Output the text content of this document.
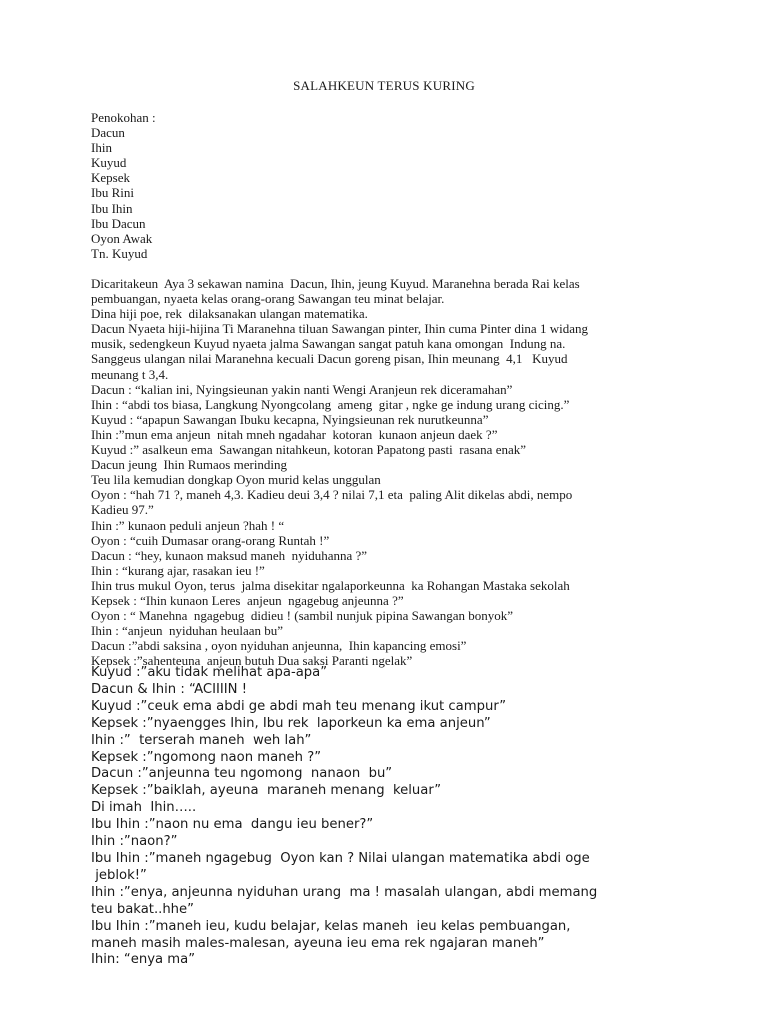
SALAHKEUN TERUS KURING
Penokohan :
Dacun
Ihin
Kuyud
Kepsek
Ibu Rini
Ibu Ihin
Ibu Dacun
Oyon Awak
Tn. Kuyud
Dicaritakeun  Aya 3 sekawan namina  Dacun, Ihin, jeung Kuyud. Maranehna berada Rai kelas
pembuangan, nyaeta kelas orang-orang Sawangan teu minat belajar.
Dina hiji poe, rek  dilaksanakan ulangan matematika.
Dacun Nyaeta hiji-hijina Ti Maranehna tiluan Sawangan pinter, Ihin cuma Pinter dina 1 widang
musik, sedengkeun Kuyud nyaeta jalma Sawangan sangat patuh kana omongan  Indung na.
Sanggeus ulangan nilai Maranehna kecuali Dacun goreng pisan, Ihin meunang  4,1   Kuyud
meunang t 3,4.
Dacun : “kalian ini, Nyingsieunan yakin nanti Wengi Aranjeun rek diceramahan”
Ihin : “abdi tos biasa, Langkung Nyongcolang  ameng  gitar , ngke ge indung urang cicing.”
Kuyud : “apapun Sawangan Ibuku kecapna, Nyingsieunan rek nurutkeunna”
Ihin :”mun ema anjeun  nitah mneh ngadahar  kotoran  kunaon anjeun daek ?”
Kuyud :” asalkeun ema  Sawangan nitahkeun, kotoran Papatong pasti  rasana enak”
Dacun jeung  Ihin Rumaos merinding
Teu lila kemudian dongkap Oyon murid kelas unggulan
Oyon : “hah 71 ?, maneh 4,3. Kadieu deui 3,4 ? nilai 7,1 eta  paling Alit dikelas abdi, nempo
Kadieu 97.”
Ihin :” kunaon peduli anjeun ?hah ! “
Oyon : “cuih Dumasar orang-orang Runtah !”
Dacun : “hey, kunaon maksud maneh  nyiduhanna ?”
Ihin : “kurang ajar, rasakan ieu !”
Ihin trus mukul Oyon, terus  jalma disekitar ngalaporkeunna  ka Rohangan Mastaka sekolah
Kepsek : “Ihin kunaon Leres  anjeun  ngagebug anjeunna ?”
Oyon : “ Manehna  ngagebug  didieu ! (sambil nunjuk pipina Sawangan bonyok”
Ihin : “anjeun  nyiduhan heulaan bu”
Dacun :”abdi saksina , oyon nyiduhan anjeunna,  Ihin kapancing emosi”
Kepsek :”sahenteuna  anjeun butuh Dua saksi Paranti ngelak”
Kuyud :”aku tidak melihat apa-apa”
Dacun & Ihin : “ACIIIIN !
Kuyud :”ceuk ema abdi ge abdi mah teu menang ikut campur”
Kepsek :”nyaengges Ihin, Ibu rek  laporkeun ka ema anjeun”
Ihin :”  terserah maneh  weh lah”
Kepsek :”ngomong naon maneh ?”
Dacun :”anjeunna teu ngomong  nanaon  bu”
Kepsek :”baiklah, ayeuna  maraneh menang  keluar”
Di imah  Ihin…..
Ibu Ihin :”naon nu ema  dangu ieu bener?”
Ihin :”naon?”
Ibu Ihin :”maneh ngagebug  Oyon kan ? Nilai ulangan matematika abdi oge
jeblok!”
Ihin :”enya, anjeunna nyiduhan urang  ma ! masalah ulangan, abdi memang
teu bakat..hhe”
Ibu Ihin :”maneh ieu, kudu belajar, kelas maneh  ieu kelas pembuangan,
maneh masih males-malesan, ayeuna ieu ema rek ngajaran maneh”
Ihin: “enya ma”
